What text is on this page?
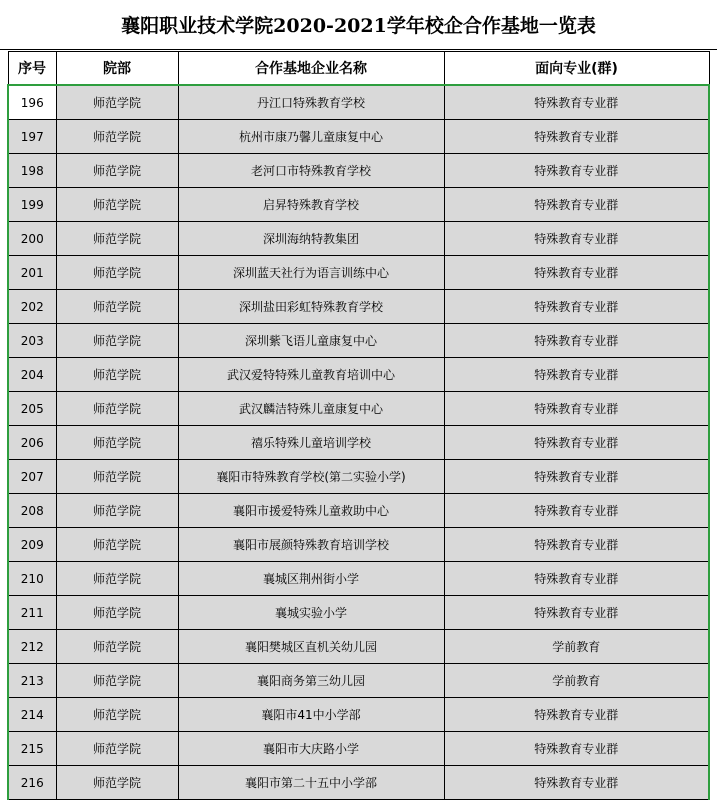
襄阳职业技术学院2020-2021学年校企合作基地一览表
序号	院部	合作基地企业名称	面向专业(群)
196	师范学院	丹江口特殊教育学校	特殊教育专业群
197	师范学院	杭州市康乃馨儿童康复中心	特殊教育专业群
198	师范学院	老河口市特殊教育学校	特殊教育专业群
199	师范学院	启昇特殊教育学校	特殊教育专业群
200	师范学院	深圳海纳特教集团	特殊教育专业群
201	师范学院	深圳蓝天社行为语言训练中心	特殊教育专业群
202	师范学院	深圳盐田彩虹特殊教育学校	特殊教育专业群
203	师范学院	深圳紫飞语儿童康复中心	特殊教育专业群
204	师范学院	武汉爱特特殊儿童教育培训中心	特殊教育专业群
205	师范学院	武汉麟洁特殊儿童康复中心	特殊教育专业群
206	师范学院	禧乐特殊儿童培训学校	特殊教育专业群
207	师范学院	襄阳市特殊教育学校(第二实验小学)	特殊教育专业群
208	师范学院	襄阳市援爱特殊儿童救助中心	特殊教育专业群
209	师范学院	襄阳市展颜特殊教育培训学校	特殊教育专业群
210	师范学院	襄城区荆州街小学	特殊教育专业群
211	师范学院	襄城实验小学	特殊教育专业群
212	师范学院	襄阳樊城区直机关幼儿园	学前教育
213	师范学院	襄阳商务第三幼儿园	学前教育
214	师范学院	襄阳市41中小学部	特殊教育专业群
215	师范学院	襄阳市大庆路小学	特殊教育专业群
216	师范学院	襄阳市第二十五中小学部	特殊教育专业群
